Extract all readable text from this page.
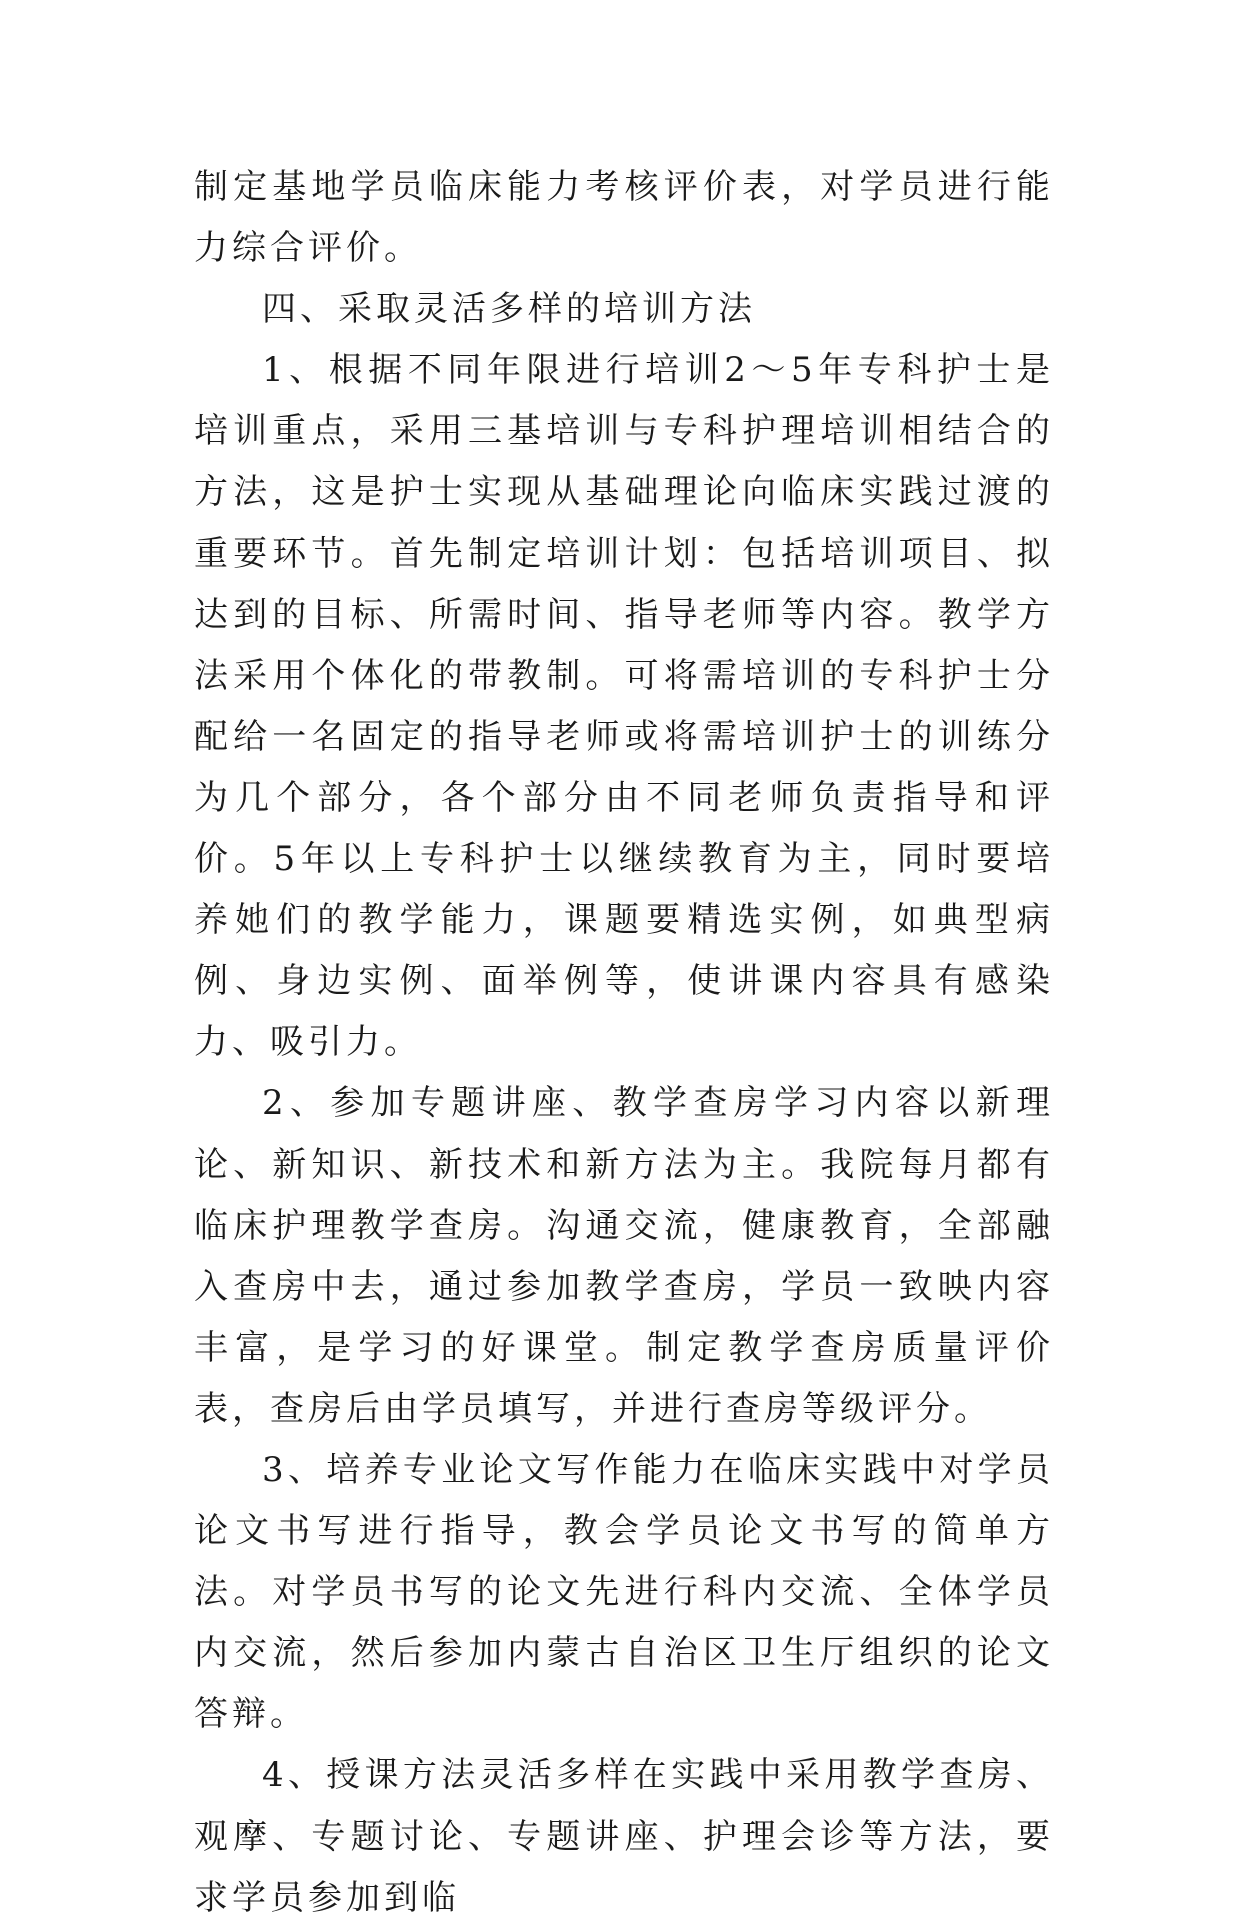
制定基地学员临床能力考核评价表，对学员进行能力综合评价。

四、采取灵活多样的培训方法

1、根据不同年限进行培训2～5年专科护士是培训重点，采用三基培训与专科护理培训相结合的方法，这是护士实现从基础理论向临床实践过渡的重要环节。首先制定培训计划：包括培训项目、拟达到的目标、所需时间、指导老师等内容。教学方法采用个体化的带教制。可将需培训的专科护士分配给一名固定的指导老师或将需培训护士的训练分为几个部分，各个部分由不同老师负责指导和评价。5年以上专科护士以继续教育为主，同时要培养她们的教学能力，课题要精选实例，如典型病例、身边实例、面举例等，使讲课内容具有感染力、吸引力。

2、参加专题讲座、教学查房学习内容以新理论、新知识、新技术和新方法为主。我院每月都有临床护理教学查房。沟通交流，健康教育，全部融入查房中去，通过参加教学查房，学员一致映内容丰富，是学习的好课堂。制定教学查房质量评价表，查房后由学员填写，并进行查房等级评分。

3、培养专业论文写作能力在临床实践中对学员论文书写进行指导，教会学员论文书写的简单方法。对学员书写的论文先进行科内交流、全体学员内交流，然后参加内蒙古自治区卫生厅组织的论文答辩。

4、授课方法灵活多样在实践中采用教学查房、观摩、专题讨论、专题讲座、护理会诊等方法，要求学员参加到临
